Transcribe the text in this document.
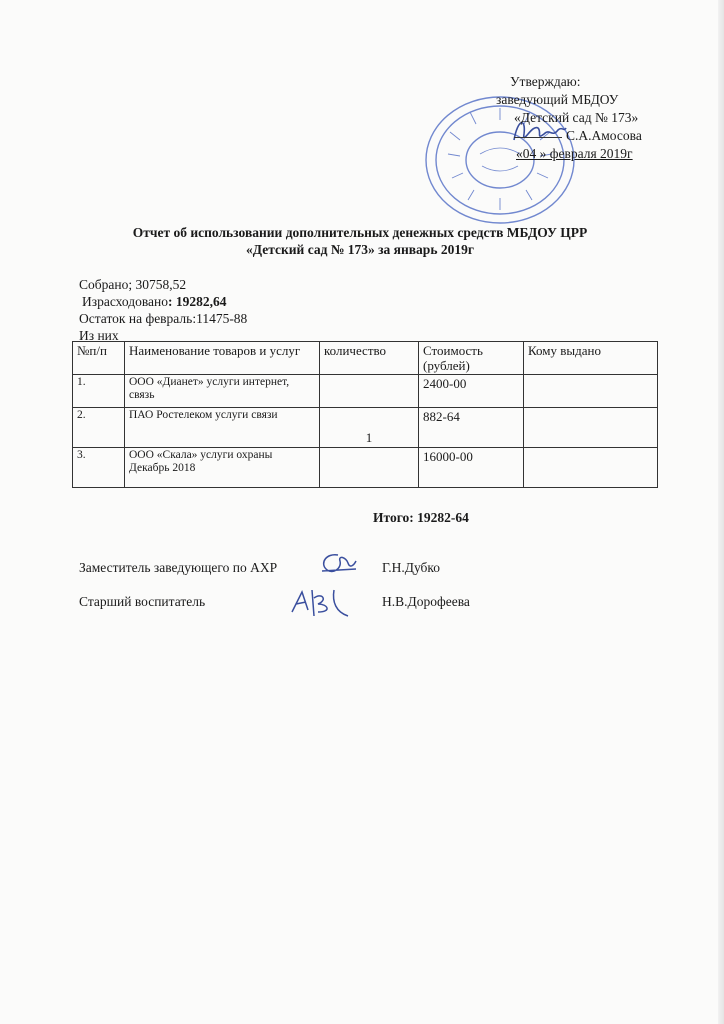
Утверждаю:
заведующий МБДОУ
«Детский сад № 173»
С.А.Амосова
«04 » февраля 2019г
Отчет об использовании дополнительных денежных средств МБДОУ ЦРР
«Детский сад № 173» за январь 2019г
Собрано; 30758,52
Израсходовано: 19282,64
Остаток на февраль:11475-88
Из них
№п/п	Наименование товаров и услуг	количество	Стоимость (рублей)	Кому выдано
1.	ООО «Дианет» услуги интернет, связь		2400-00	
2.	ПАО Ростелеком услуги связи	1	882-64	
3.	ООО «Скала» услуги охраны Декабрь 2018		16000-00	
Итого: 19282-64
Заместитель заведующего по АХР	Г.Н.Дубко
Старший воспитатель	Н.В.Дорофеева
